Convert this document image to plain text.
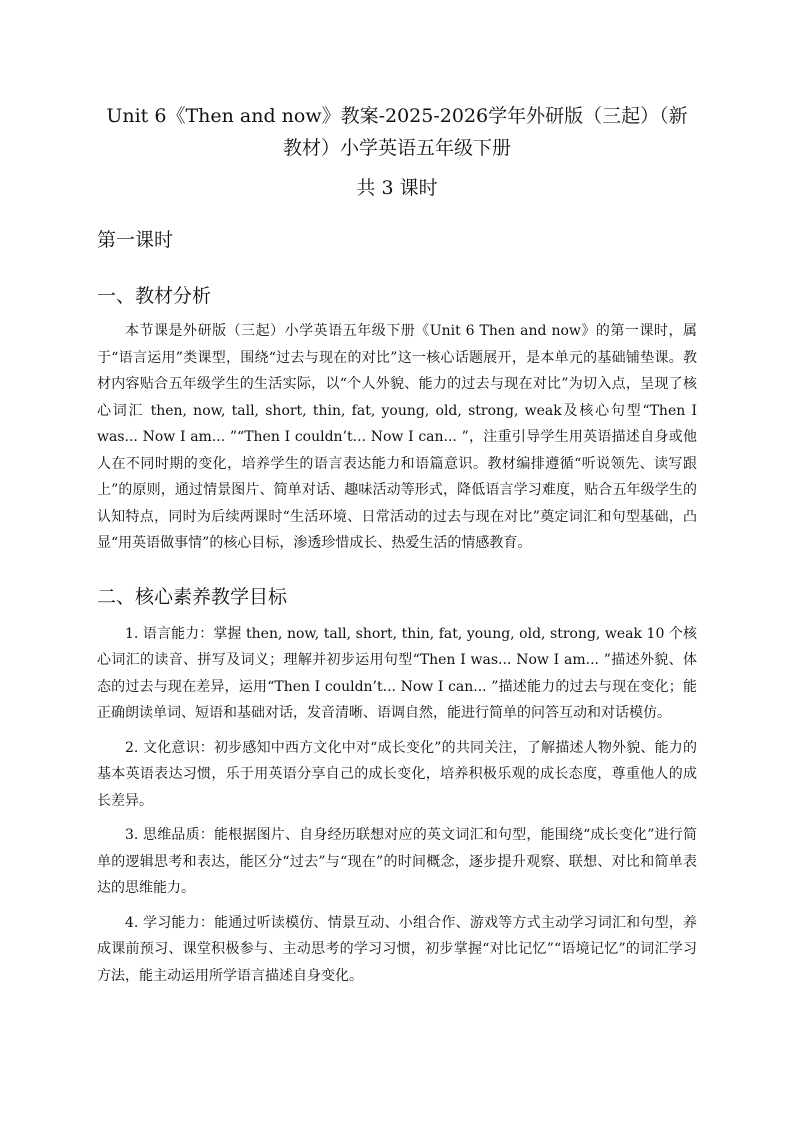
Unit 6《Then and now》教案-2025-2026学年外研版（三起）（新
教材）小学英语五年级下册
共 3 课时
第一课时
一、教材分析

本节课是外研版（三起）小学英语五年级下册《Unit 6 Then and now》的第一课时，属于“语言运用”类课型，围绕“过去与现在的对比”这一核心话题展开，是本单元的基础铺垫课。教材内容贴合五年级学生的生活实际，以“个人外貌、能力的过去与现在对比”为切入点，呈现了核心词汇 then, now, tall, short, thin, fat, young, old, strong, weak及核心句型“Then I was... Now I am... ”“Then I couldn’t... Now I can... ”，注重引导学生用英语描述自身或他人在不同时期的变化，培养学生的语言表达能力和语篇意识。教材编排遵循“听说领先、读写跟上”的原则，通过情景图片、简单对话、趣味活动等形式，降低语言学习难度，贴合五年级学生的认知特点，同时为后续两课时“生活环境、日常活动的过去与现在对比”奠定词汇和句型基础，凸显“用英语做事情”的核心目标，渗透珍惜成长、热爱生活的情感教育。

二、核心素养教学目标

1. 语言能力：掌握 then, now, tall, short, thin, fat, young, old, strong, weak 10 个核心词汇的读音、拼写及词义；理解并初步运用句型“Then I was... Now I am... ”描述外貌、体态的过去与现在差异，运用“Then I couldn’t... Now I can... ”描述能力的过去与现在变化；能正确朗读单词、短语和基础对话，发音清晰、语调自然，能进行简单的问答互动和对话模仿。

2. 文化意识：初步感知中西方文化中对“成长变化”的共同关注，了解描述人物外貌、能力的基本英语表达习惯，乐于用英语分享自己的成长变化，培养积极乐观的成长态度，尊重他人的成长差异。

3. 思维品质：能根据图片、自身经历联想对应的英文词汇和句型，能围绕“成长变化”进行简单的逻辑思考和表达，能区分“过去”与“现在”的时间概念，逐步提升观察、联想、对比和简单表达的思维能力。

4. 学习能力：能通过听读模仿、情景互动、小组合作、游戏等方式主动学习词汇和句型，养成课前预习、课堂积极参与、主动思考的学习习惯，初步掌握“对比记忆”“语境记忆”的词汇学习方法，能主动运用所学语言描述自身变化。
